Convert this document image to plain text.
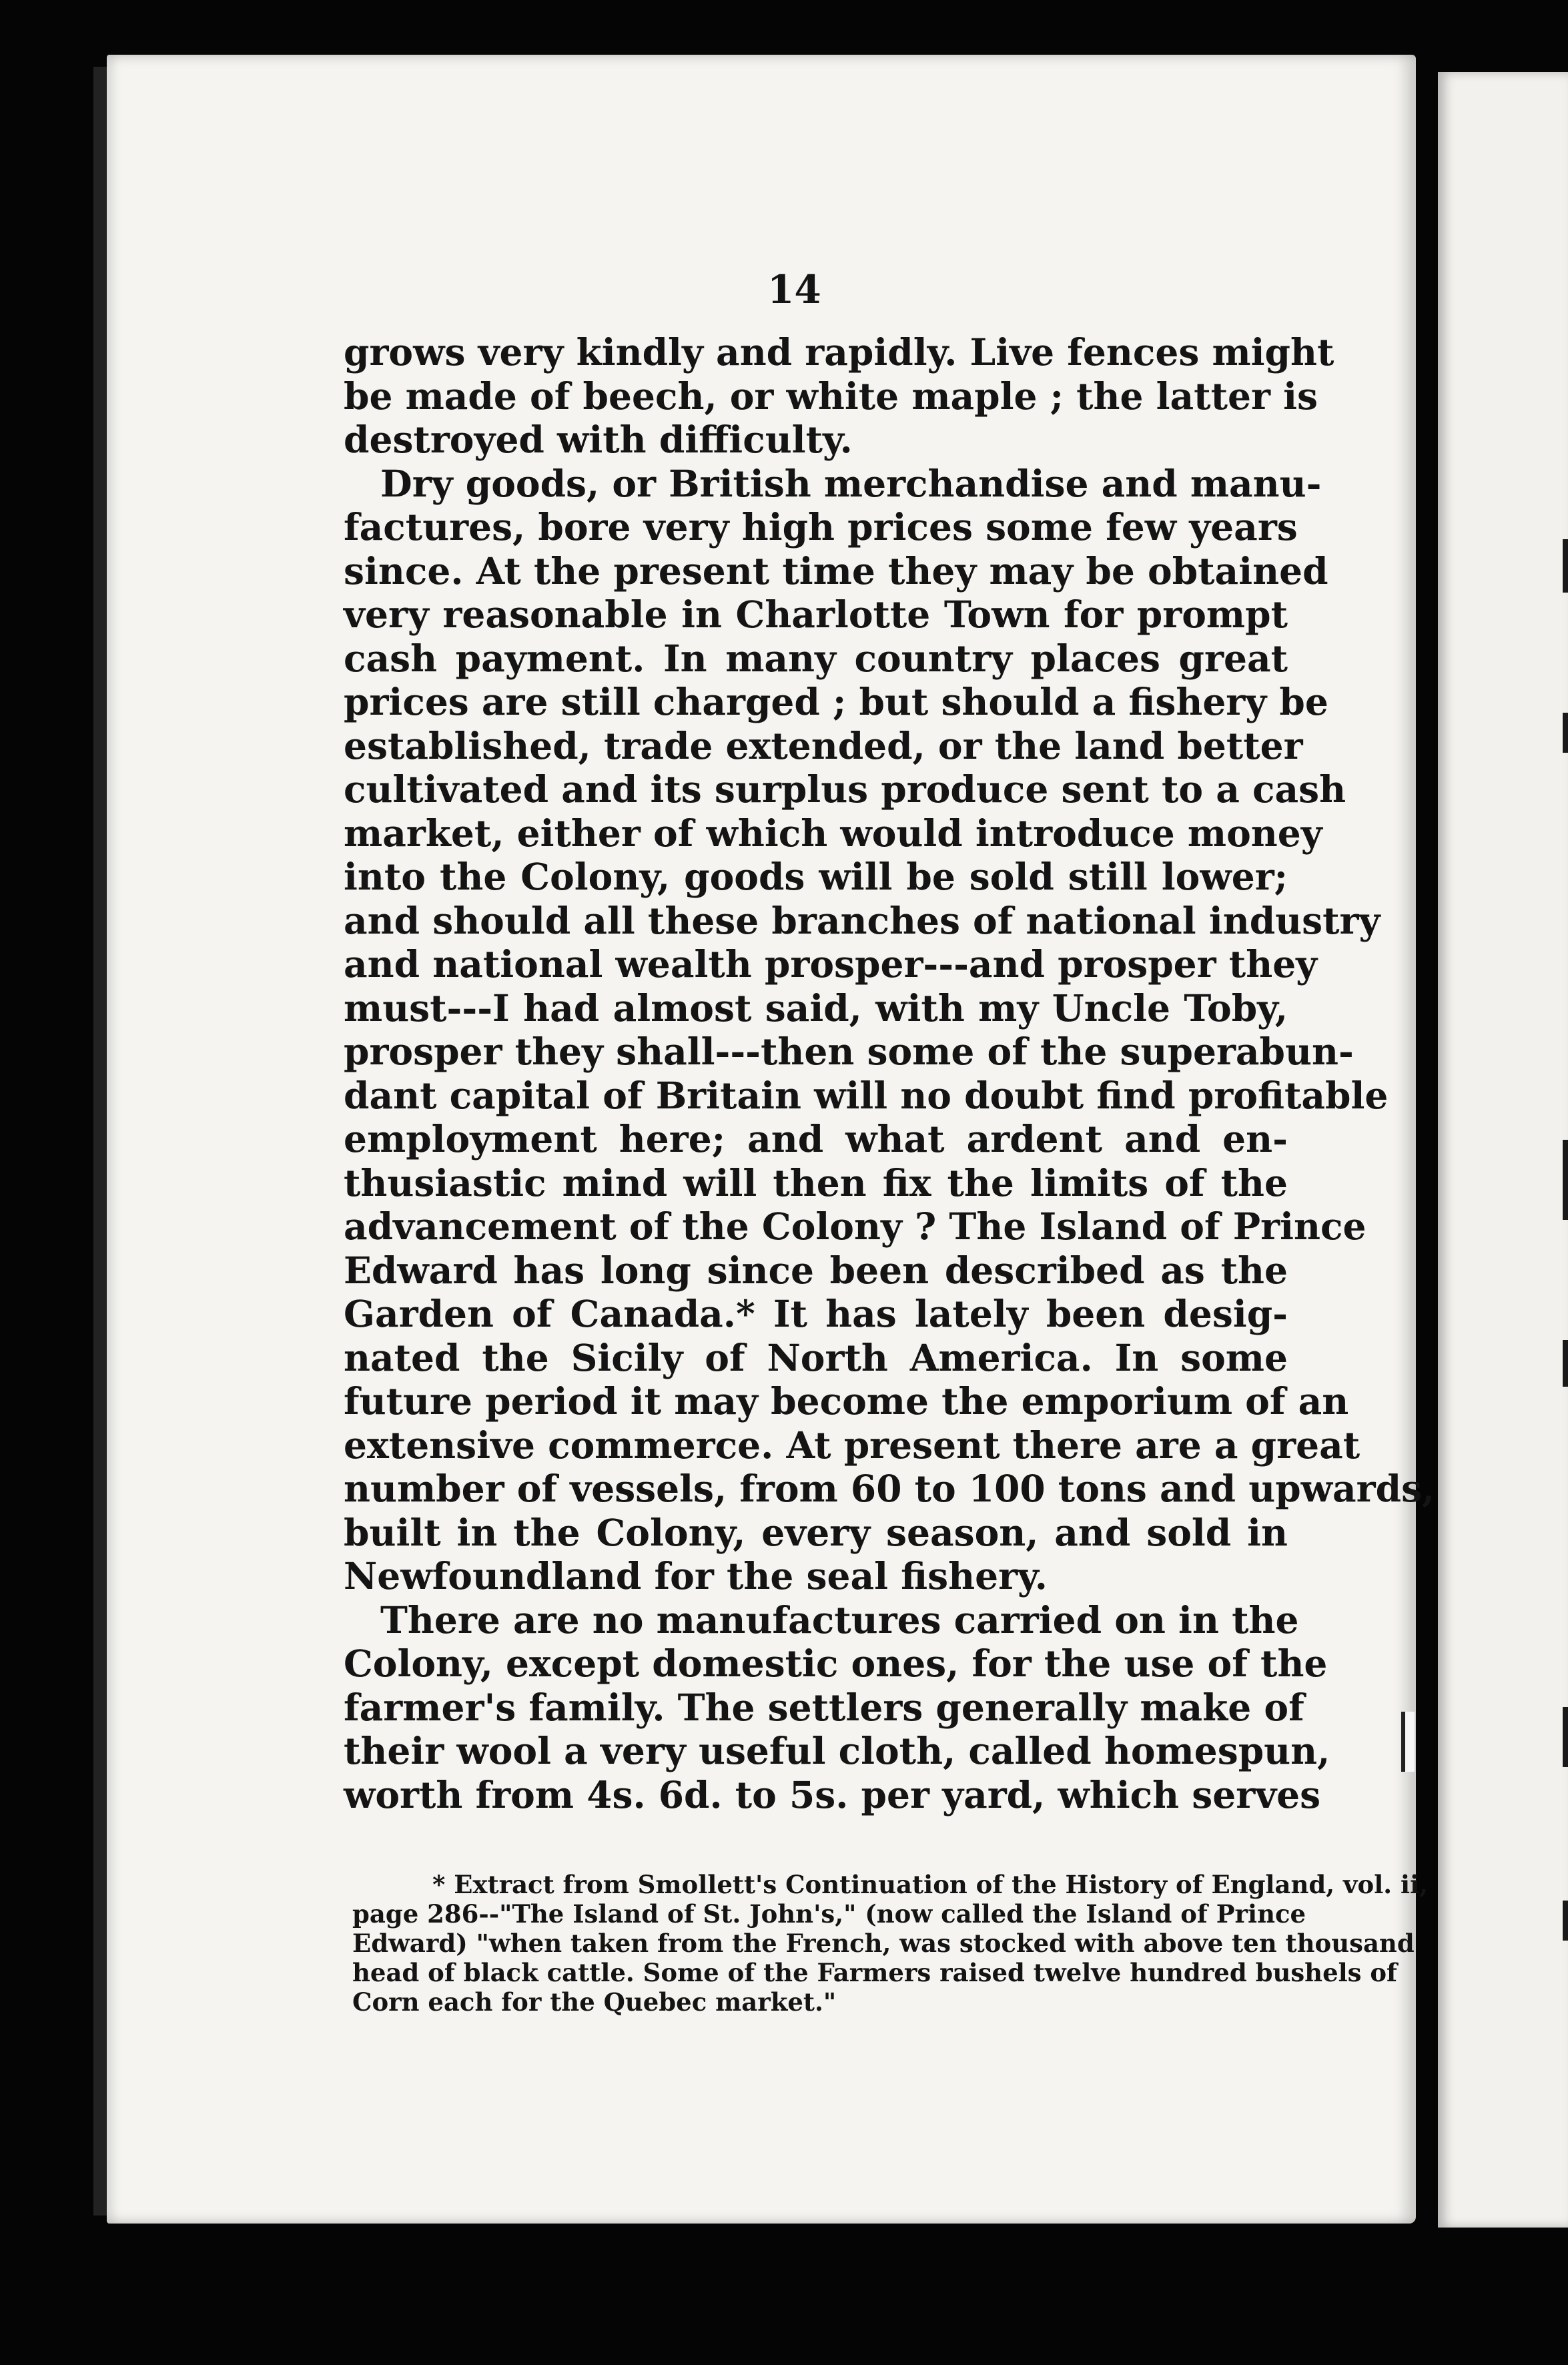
14
grows very kindly and rapidly. Live fences might
be made of beech, or white maple ; the latter is
destroyed with difficulty.
Dry goods, or British merchandise and manu-
factures, bore very high prices some few years
since. At the present time they may be obtained
very reasonable in Charlotte Town for prompt
cash payment. In many country places great
prices are still charged ; but should a fishery be
established, trade extended, or the land better
cultivated and its surplus produce sent to a cash
market, either of which would introduce money
into the Colony, goods will be sold still lower;
and should all these branches of national industry
and national wealth prosper---and prosper they
must---I had almost said, with my Uncle Toby,
prosper they shall---then some of the superabun-
dant capital of Britain will no doubt find profitable
employment here; and what ardent and en-
thusiastic mind will then fix the limits of the
advancement of the Colony ? The Island of Prince
Edward has long since been described as the
Garden of Canada.* It has lately been desig-
nated the Sicily of North America. In some
future period it may become the emporium of an
extensive commerce. At present there are a great
number of vessels, from 60 to 100 tons and upwards,
built in the Colony, every season, and sold in
Newfoundland for the seal fishery.
There are no manufactures carried on in the
Colony, except domestic ones, for the use of the
farmer's family. The settlers generally make of
their wool a very useful cloth, called homespun,
worth from 4s. 6d. to 5s. per yard, which serves
* Extract from Smollett's Continuation of the History of England, vol. ii,
page 286--"The Island of St. John's," (now called the Island of Prince
Edward) "when taken from the French, was stocked with above ten thousand
head of black cattle. Some of the Farmers raised twelve hundred bushels of
Corn each for the Quebec market."
